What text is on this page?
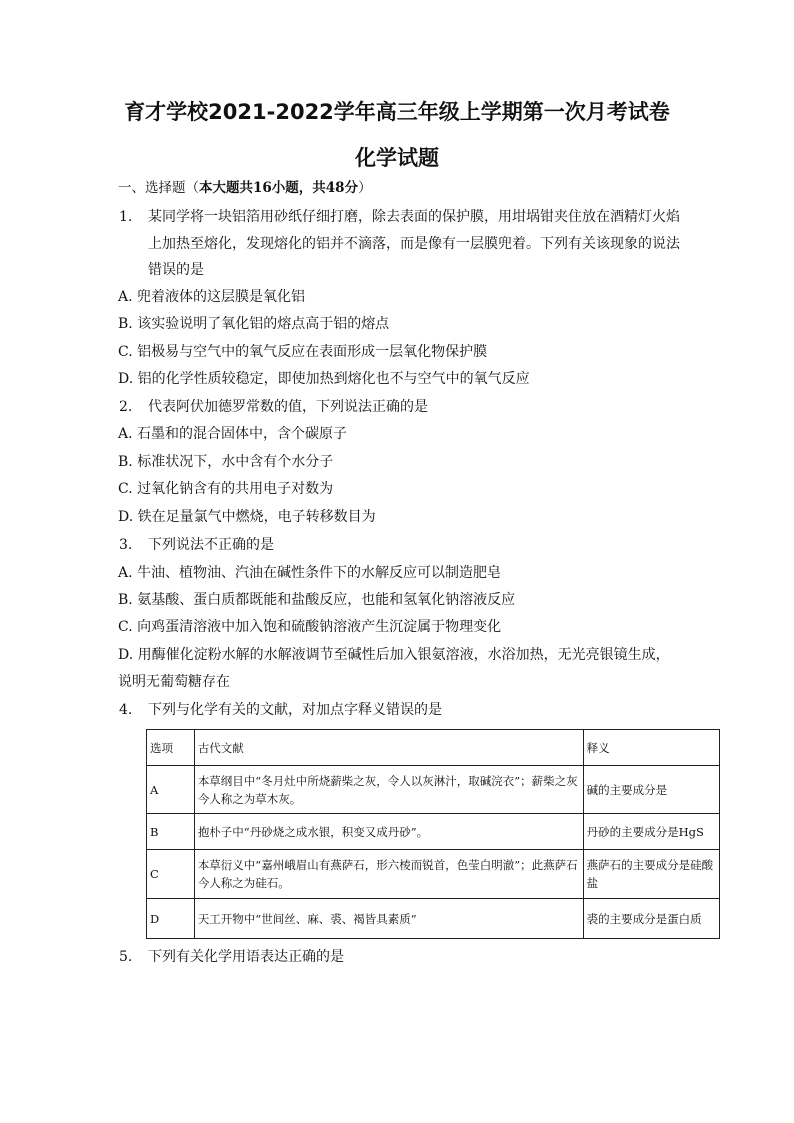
育才学校2021-2022学年高三年级上学期第一次月考试卷
化学试题
一、选择题（本大题共16小题，共48分）
1. 某同学将一块铝箔用砂纸仔细打磨，除去表面的保护膜，用坩埚钳夹住放在酒精灯火焰
上加热至熔化，发现熔化的铝并不滴落，而是像有一层膜兜着。下列有关该现象的说法
错误的是
A. 兜着液体的这层膜是氧化铝
B. 该实验说明了氧化铝的熔点高于铝的熔点
C. 铝极易与空气中的氧气反应在表面形成一层氧化物保护膜
D. 铝的化学性质较稳定，即使加热到熔化也不与空气中的氧气反应
2. 代表阿伏加德罗常数的值，下列说法正确的是
A. 石墨和的混合固体中，含个碳原子
B. 标准状况下，水中含有个水分子
C. 过氧化钠含有的共用电子对数为
D. 铁在足量氯气中燃烧，电子转移数目为
3. 下列说法不正确的是
A. 牛油、植物油、汽油在碱性条件下的水解反应可以制造肥皂
B. 氨基酸、蛋白质都既能和盐酸反应，也能和氢氧化钠溶液反应
C. 向鸡蛋清溶液中加入饱和硫酸钠溶液产生沉淀属于物理变化
D. 用酶催化淀粉水解的水解液调节至碱性后加入银氨溶液，水浴加热，无光亮银镜生成，
说明无葡萄糖存在
4. 下列与化学有关的文献，对加点字释义错误的是
选项	古代文献	释义
A	本草纲目中“冬月灶中所烧薪柴之灰，令人以灰淋汁，取碱浣衣”；薪柴之灰今人称之为草木灰。	碱的主要成分是
B	抱朴子中“丹砂烧之成水银，积变又成丹砂”。	丹砂的主要成分是HgS
C	本草衍义中“嘉州峨眉山有燕萨石，形六棱而锐首，色莹白明澈”；此燕萨石今人称之为硅石。	燕萨石的主要成分是硅酸盐
D	天工开物中“世间丝、麻、裘、褐皆具素质”	裘的主要成分是蛋白质
5. 下列有关化学用语表达正确的是
